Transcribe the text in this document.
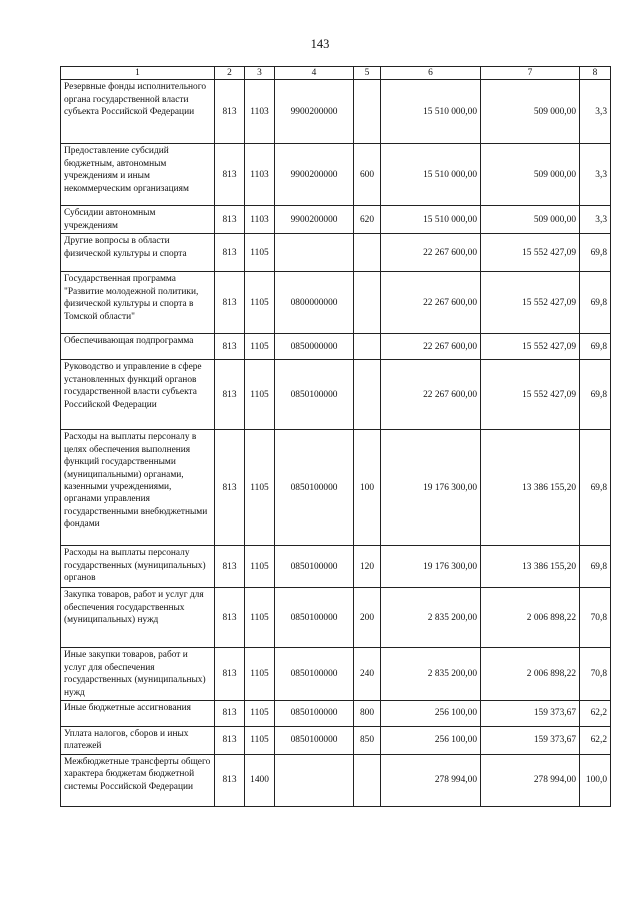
143
1	2	3	4	5	6	7	8
Резервные фонды исполнительного органа государственной власти субъекта Российской Федерации	813	1103	9900200000		15 510 000,00	509 000,00	3,3
Предоставление субсидий бюджетным, автономным учреждениям и иным некоммерческим организациям	813	1103	9900200000	600	15 510 000,00	509 000,00	3,3
Субсидии автономным учреждениям	813	1103	9900200000	620	15 510 000,00	509 000,00	3,3
Другие вопросы в области физической культуры и спорта	813	1105			22 267 600,00	15 552 427,09	69,8
Государственная программа "Развитие молодежной политики, физической культуры и спорта в Томской области"	813	1105	0800000000		22 267 600,00	15 552 427,09	69,8
Обеспечивающая подпрограмма	813	1105	0850000000		22 267 600,00	15 552 427,09	69,8
Руководство и управление в сфере установленных функций органов государственной власти субъекта Российской Федерации	813	1105	0850100000		22 267 600,00	15 552 427,09	69,8
Расходы на выплаты персоналу в целях обеспечения выполнения функций государственными (муниципальными) органами, казенными учреждениями, органами управления государственными внебюджетными фондами	813	1105	0850100000	100	19 176 300,00	13 386 155,20	69,8
Расходы на выплаты персоналу государственных (муниципальных) органов	813	1105	0850100000	120	19 176 300,00	13 386 155,20	69,8
Закупка товаров, работ и услуг для обеспечения государственных (муниципальных) нужд	813	1105	0850100000	200	2 835 200,00	2 006 898,22	70,8
Иные закупки товаров, работ и услуг для обеспечения государственных (муниципальных) нужд	813	1105	0850100000	240	2 835 200,00	2 006 898,22	70,8
Иные бюджетные ассигнования	813	1105	0850100000	800	256 100,00	159 373,67	62,2
Уплата налогов, сборов и иных платежей	813	1105	0850100000	850	256 100,00	159 373,67	62,2
Межбюджетные трансферты общего характера бюджетам бюджетной системы Российской Федерации	813	1400			278 994,00	278 994,00	100,0
